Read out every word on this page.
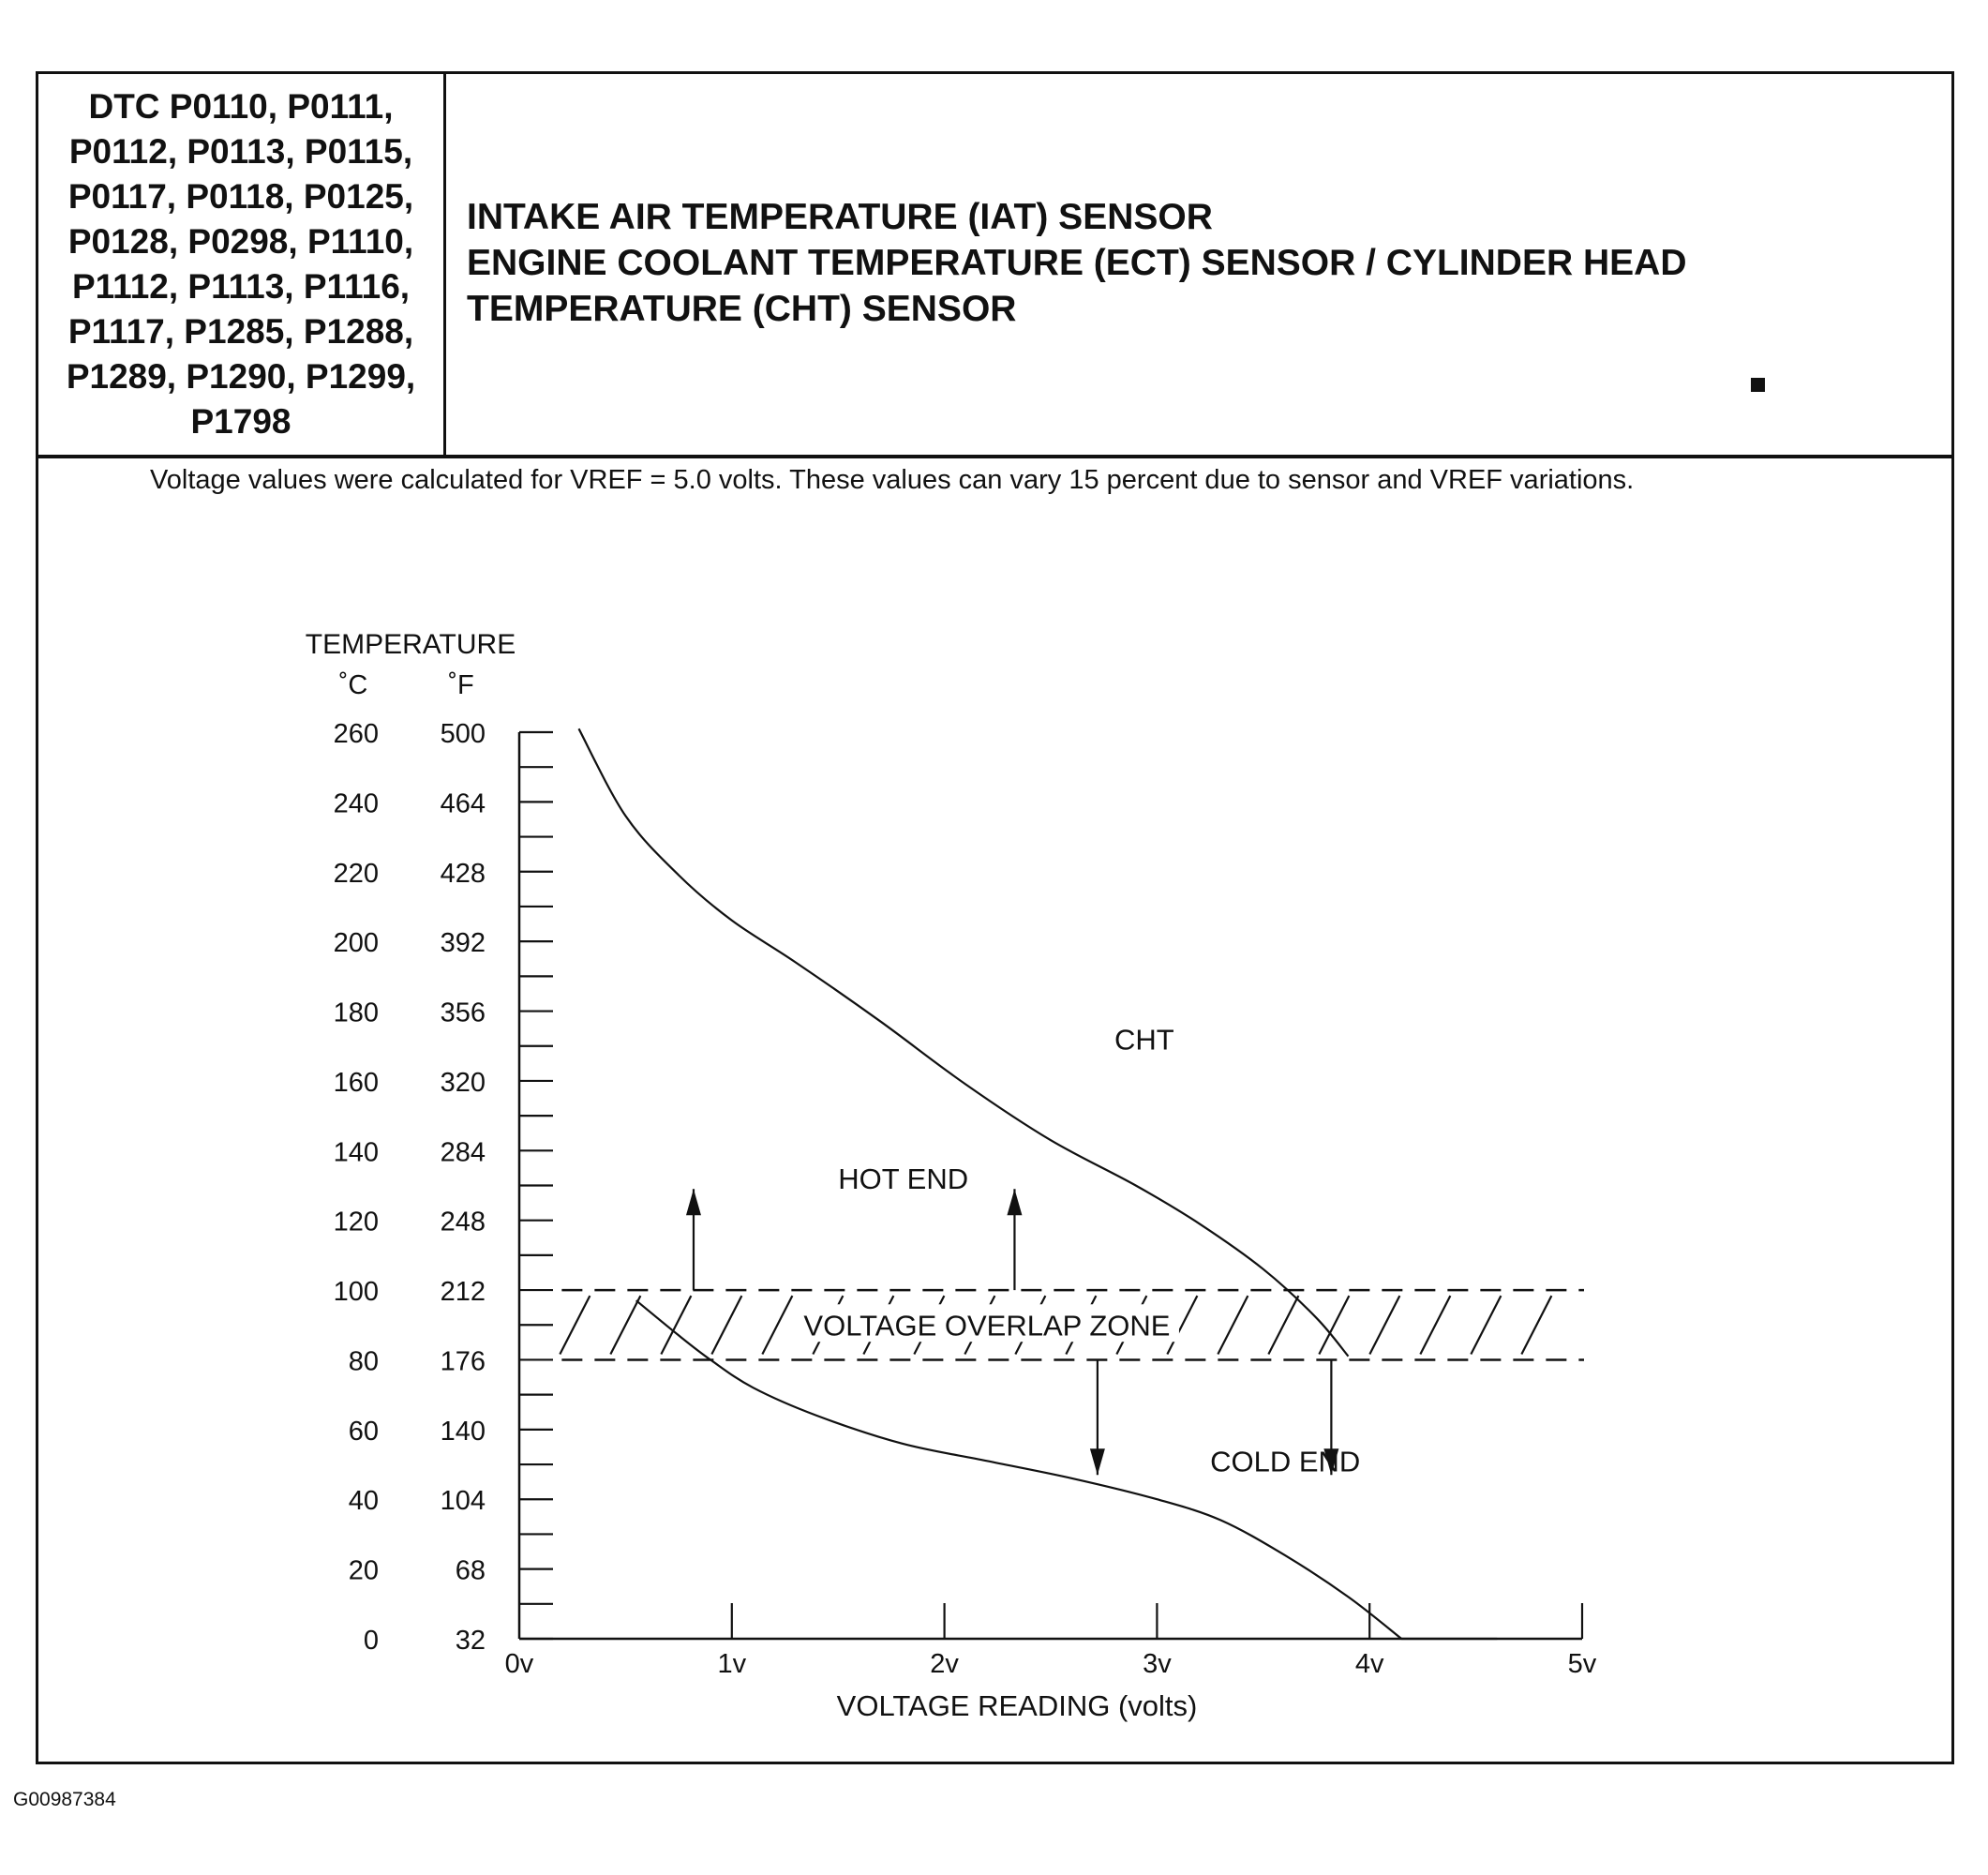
DTC P0110, P0111,
P0112, P0113, P0115,
P0117, P0118, P0125,
P0128, P0298, P1110,
P1112, P1113, P1116,
P1117, P1285, P1288,
P1289, P1290, P1299,
P1798

INTAKE AIR TEMPERATURE (IAT) SENSOR

ENGINE COOLANT TEMPERATURE (ECT) SENSOR / CYLINDER HEAD

TEMPERATURE (CHT) SENSOR

Voltage values were calculated for VREF = 5.0 volts. These values can vary 15 percent due to sensor and VREF variations.

VOLTAGE OVERLAP ZONE
260 500
240 464
220 428
200 392
180 356
160 320
140 284
120 248
100 212
80 176
60 140
40 104
20	68
0	32
TEMPERATURE
˚C	˚F
0v	1v	2v	3v	4v	5v
VOLTAGE READING (volts)
CHT
HOT END
COLD END

G00987384
